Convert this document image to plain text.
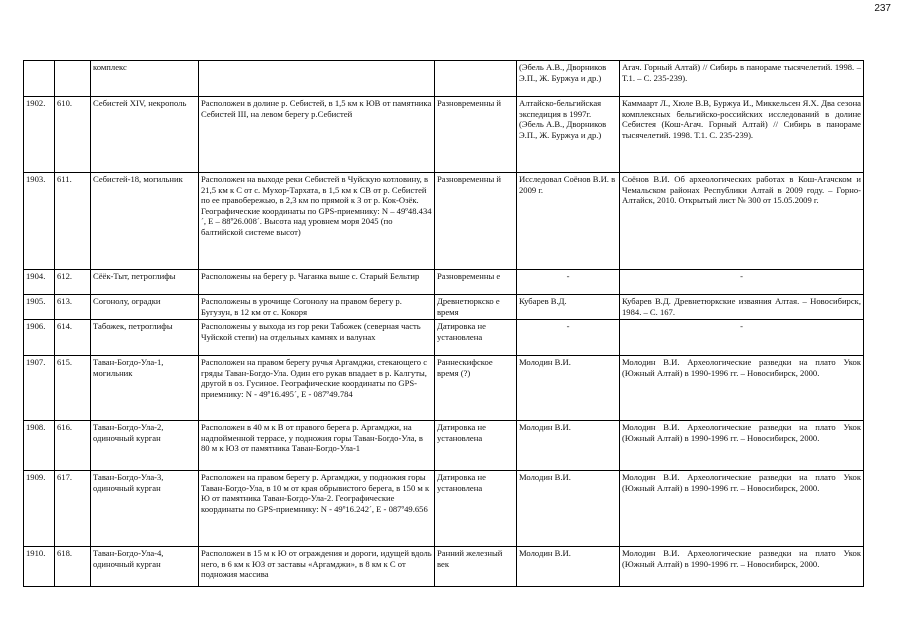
237
		комплекс			(Эбель А.В., Дворников Э.П., Ж. Буржуа и др.)	Агач. Горный Алтай) // Сибирь в панораме тысячелетий. 1998. – Т.1. – С. 235-239).
1902.	610.	Себистей XIV, некрополь	Расположен в долине р. Себистей, в 1,5 км к ЮВ от памятника Себистей III, на левом берегу р.Себистей	Разновременны й	Алтайско-бельгийская экспедиция в 1997г. (Эбель А.В., Дворников Э.П., Ж. Буржуа и др.)	Каммаарт Л., Хюле В.В, Буржуа И., Миккельсен Я.Х. Два сезона комплексных бельгийско-российских исследований в долине Себистея (Кош-Агач. Горный Алтай) // Сибирь в панораме тысячелетий. 1998. Т.1. С. 235-239).
1903.	611.	Себистей-18, могильник	Расположен на выходе реки Себистей в Чуйскую котловину, в 21,5 км к С от с. Мухор-Тархата, в 1,5 км к СВ от р. Себистей по ее правобережью, в 2,3 км по прямой к З от р. Кок-Озёк. Географические координаты по GPS-приемнику: N – 49º48.434´, E – 88º26.008´. Высота над уровнем моря 2045 (по балтийской системе высот)	Разновременны й	Исследовал Соёнов В.И. в 2009 г.	Соёнов В.И. Об археологических работах в Кош-Агачском и Чемальском районах Республики Алтай в 2009 году. – Горно-Алтайск, 2010. Открытый лист № 300 от 15.05.2009 г.
1904.	612.	Сёёк-Тыт, петроглифы	Расположены на берегу р. Чаганка выше с. Старый Бельтир	Разновременны е	-	-
1905.	613.	Согонолу, оградки	Расположены в урочище Согонолу на правом берегу р. Бугузун, в 12 км от с. Кокоря	Древнетюркско е время	Кубарев В.Д.	Кубарев В.Д. Древнетюркские изваяния Алтая. – Новосибирск, 1984. – С. 167.
1906.	614.	Табожек, петроглифы	Расположены у выхода из гор реки Табожек (северная часть Чуйской степи) на отдельных камнях и валунах	Датировка не установлена	-	-
1907.	615.	Таван-Богдо-Ула-1, могильник	Расположен на правом берегу ручья Аргамджи, стекающего с гряды Таван-Богдо-Ула. Один его рукав впадает в р. Калгуты, другой в оз. Гусиное. Географические координаты по GPS-приемнику: N - 49º16.495´, E - 087º49.784	Раннескифское время (?)	Молодин В.И.	Молодин В.И. Археологические разведки на плато Укок (Южный Алтай) в 1990-1996 гг. – Новосибирск, 2000.
1908.	616.	Таван-Богдо-Ула-2, одиночный курган	Расположен в 40 м к В от правого берега р. Аргамджи, на надпойменной террасе, у подножия горы Таван-Богдо-Ула, в 80 м к ЮЗ от памятника Таван-Богдо-Ула-1	Датировка не установлена	Молодин В.И.	Молодин В.И. Археологические разведки на плато Укок (Южный Алтай) в 1990-1996 гг. – Новосибирск, 2000.
1909.	617.	Таван-Богдо-Ула-3, одиночный курган	Расположен на правом берегу р. Аргамджи, у подножия горы Таван-Богдо-Ула, в 10 м от края обрывистого берега, в 150 м к Ю от памятника Таван-Богдо-Ула-2. Географические координаты по GPS-приемнику: N - 49º16.242´, E - 087º49.656	Датировка не установлена	Молодин В.И.	Молодин В.И. Археологические разведки на плато Укок (Южный Алтай) в 1990-1996 гг. – Новосибирск, 2000.
1910.	618.	Таван-Богдо-Ула-4, одиночный курган	Расположен в 15 м к Ю от ограждения и дороги, идущей вдоль него, в 6 км к ЮЗ от заставы «Аргамджи», в 8 км к С от подножия массива	Ранний железный век	Молодин В.И.	Молодин В.И. Археологические разведки на плато Укок (Южный Алтай) в 1990-1996 гг. – Новосибирск, 2000.
